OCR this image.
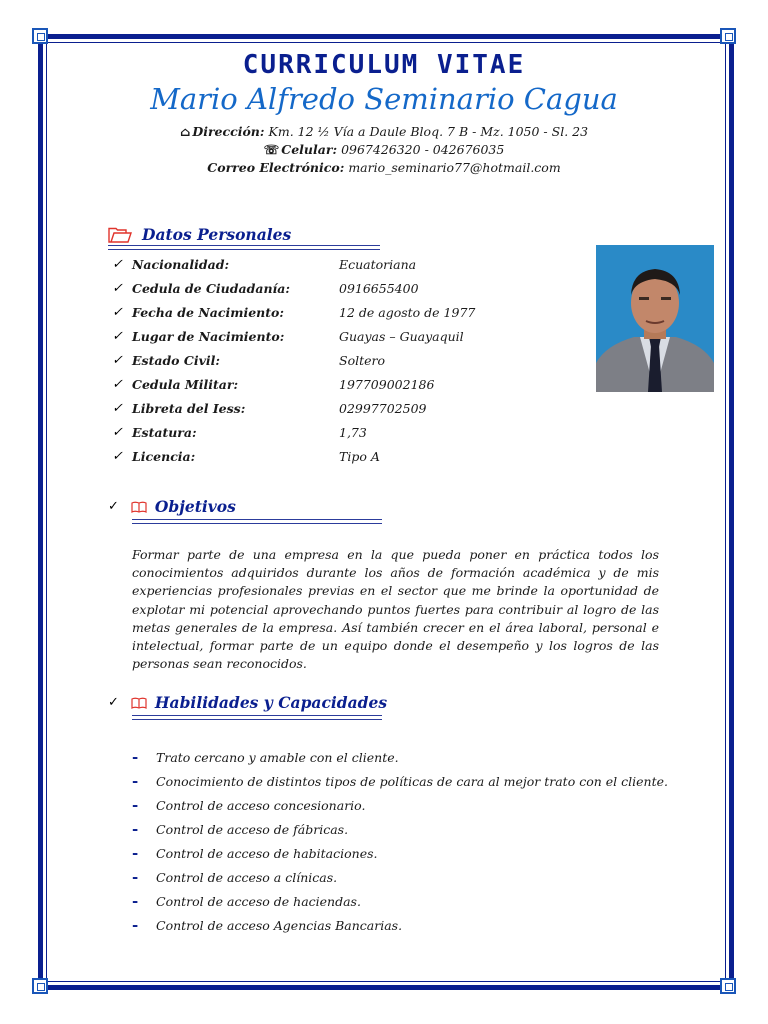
CURRICULUM VITAE
Mario Alfredo Seminario Cagua
⌂ Dirección: Km. 12 ½ Vía a Daule Bloq. 7 B - Mz. 1050 - Sl. 23
☏ Celular: 0967426320 - 042676035
Correo Electrónico: mario_seminario77@hotmail.com
Datos Personales
✓ Nacionalidad:	Ecuatoriana
✓ Cedula de Ciudadanía:	0916655400
✓ Fecha de Nacimiento:	12 de agosto de 1977
✓ Lugar de Nacimiento:	Guayas – Guayaquil
✓ Estado Civil:	Soltero
✓ Cedula Militar:	197709002186
✓ Libreta del Iess:	02997702509
✓ Estatura:	1,73
✓ Licencia:	Tipo A
✓ Objetivos
Formar parte de una empresa en la que pueda poner en práctica todos los conocimientos adquiridos durante los años de formación académica y de mis experiencias profesionales previas en el sector que me brinde la oportunidad de explotar mi potencial aprovechando puntos fuertes para contribuir al logro de las metas generales de la empresa. Así también crecer en el área laboral, personal e intelectual, formar parte de un equipo donde el desempeño y los logros de las personas sean reconocidos.
✓ Habilidades y Capacidades
-	Trato cercano y amable con el cliente.
-	Conocimiento de distintos tipos de políticas de cara al mejor trato con el cliente.
-	Control de acceso concesionario.
-	Control de acceso de fábricas.
-	Control de acceso de habitaciones.
-	Control de acceso a clínicas.
-	Control de acceso de haciendas.
-	Control de acceso Agencias Bancarias.
